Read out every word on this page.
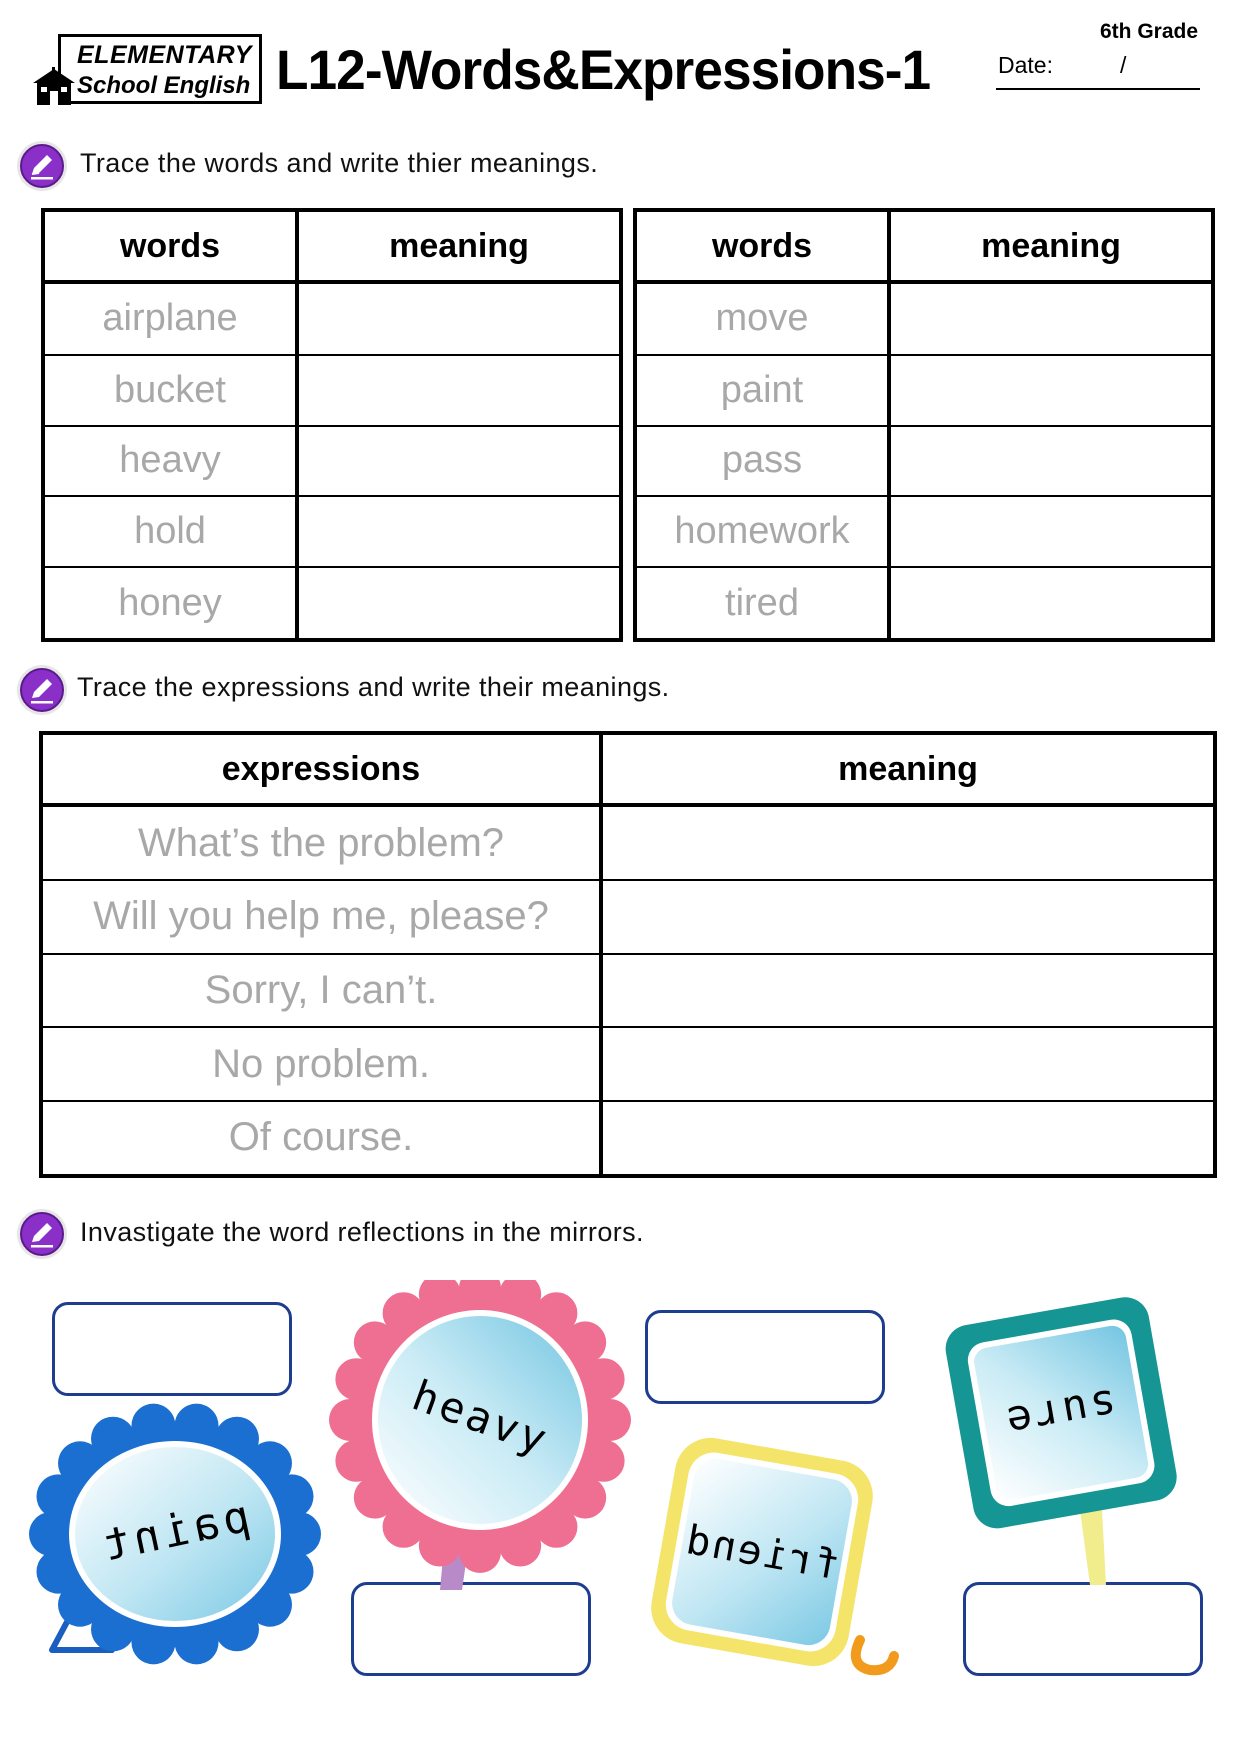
ELEMENTARY
School English L12-Words&Expressions-1
6th Grade
Date:	/
Trace the words and write thier meanings.
words	meaning
airplane	
bucket	
heavy	
hold	
honey	
words	meaning
move	
paint	
pass	
homework	
tired	
Trace the expressions and write their meanings.
expressions	meaning
What’s the problem?	
Will you help me, please?	
Sorry, I can’t.	
No problem.	
Of course.	
Invastigate the word reflections in the mirrors.
paint
heavy
friend
sure
